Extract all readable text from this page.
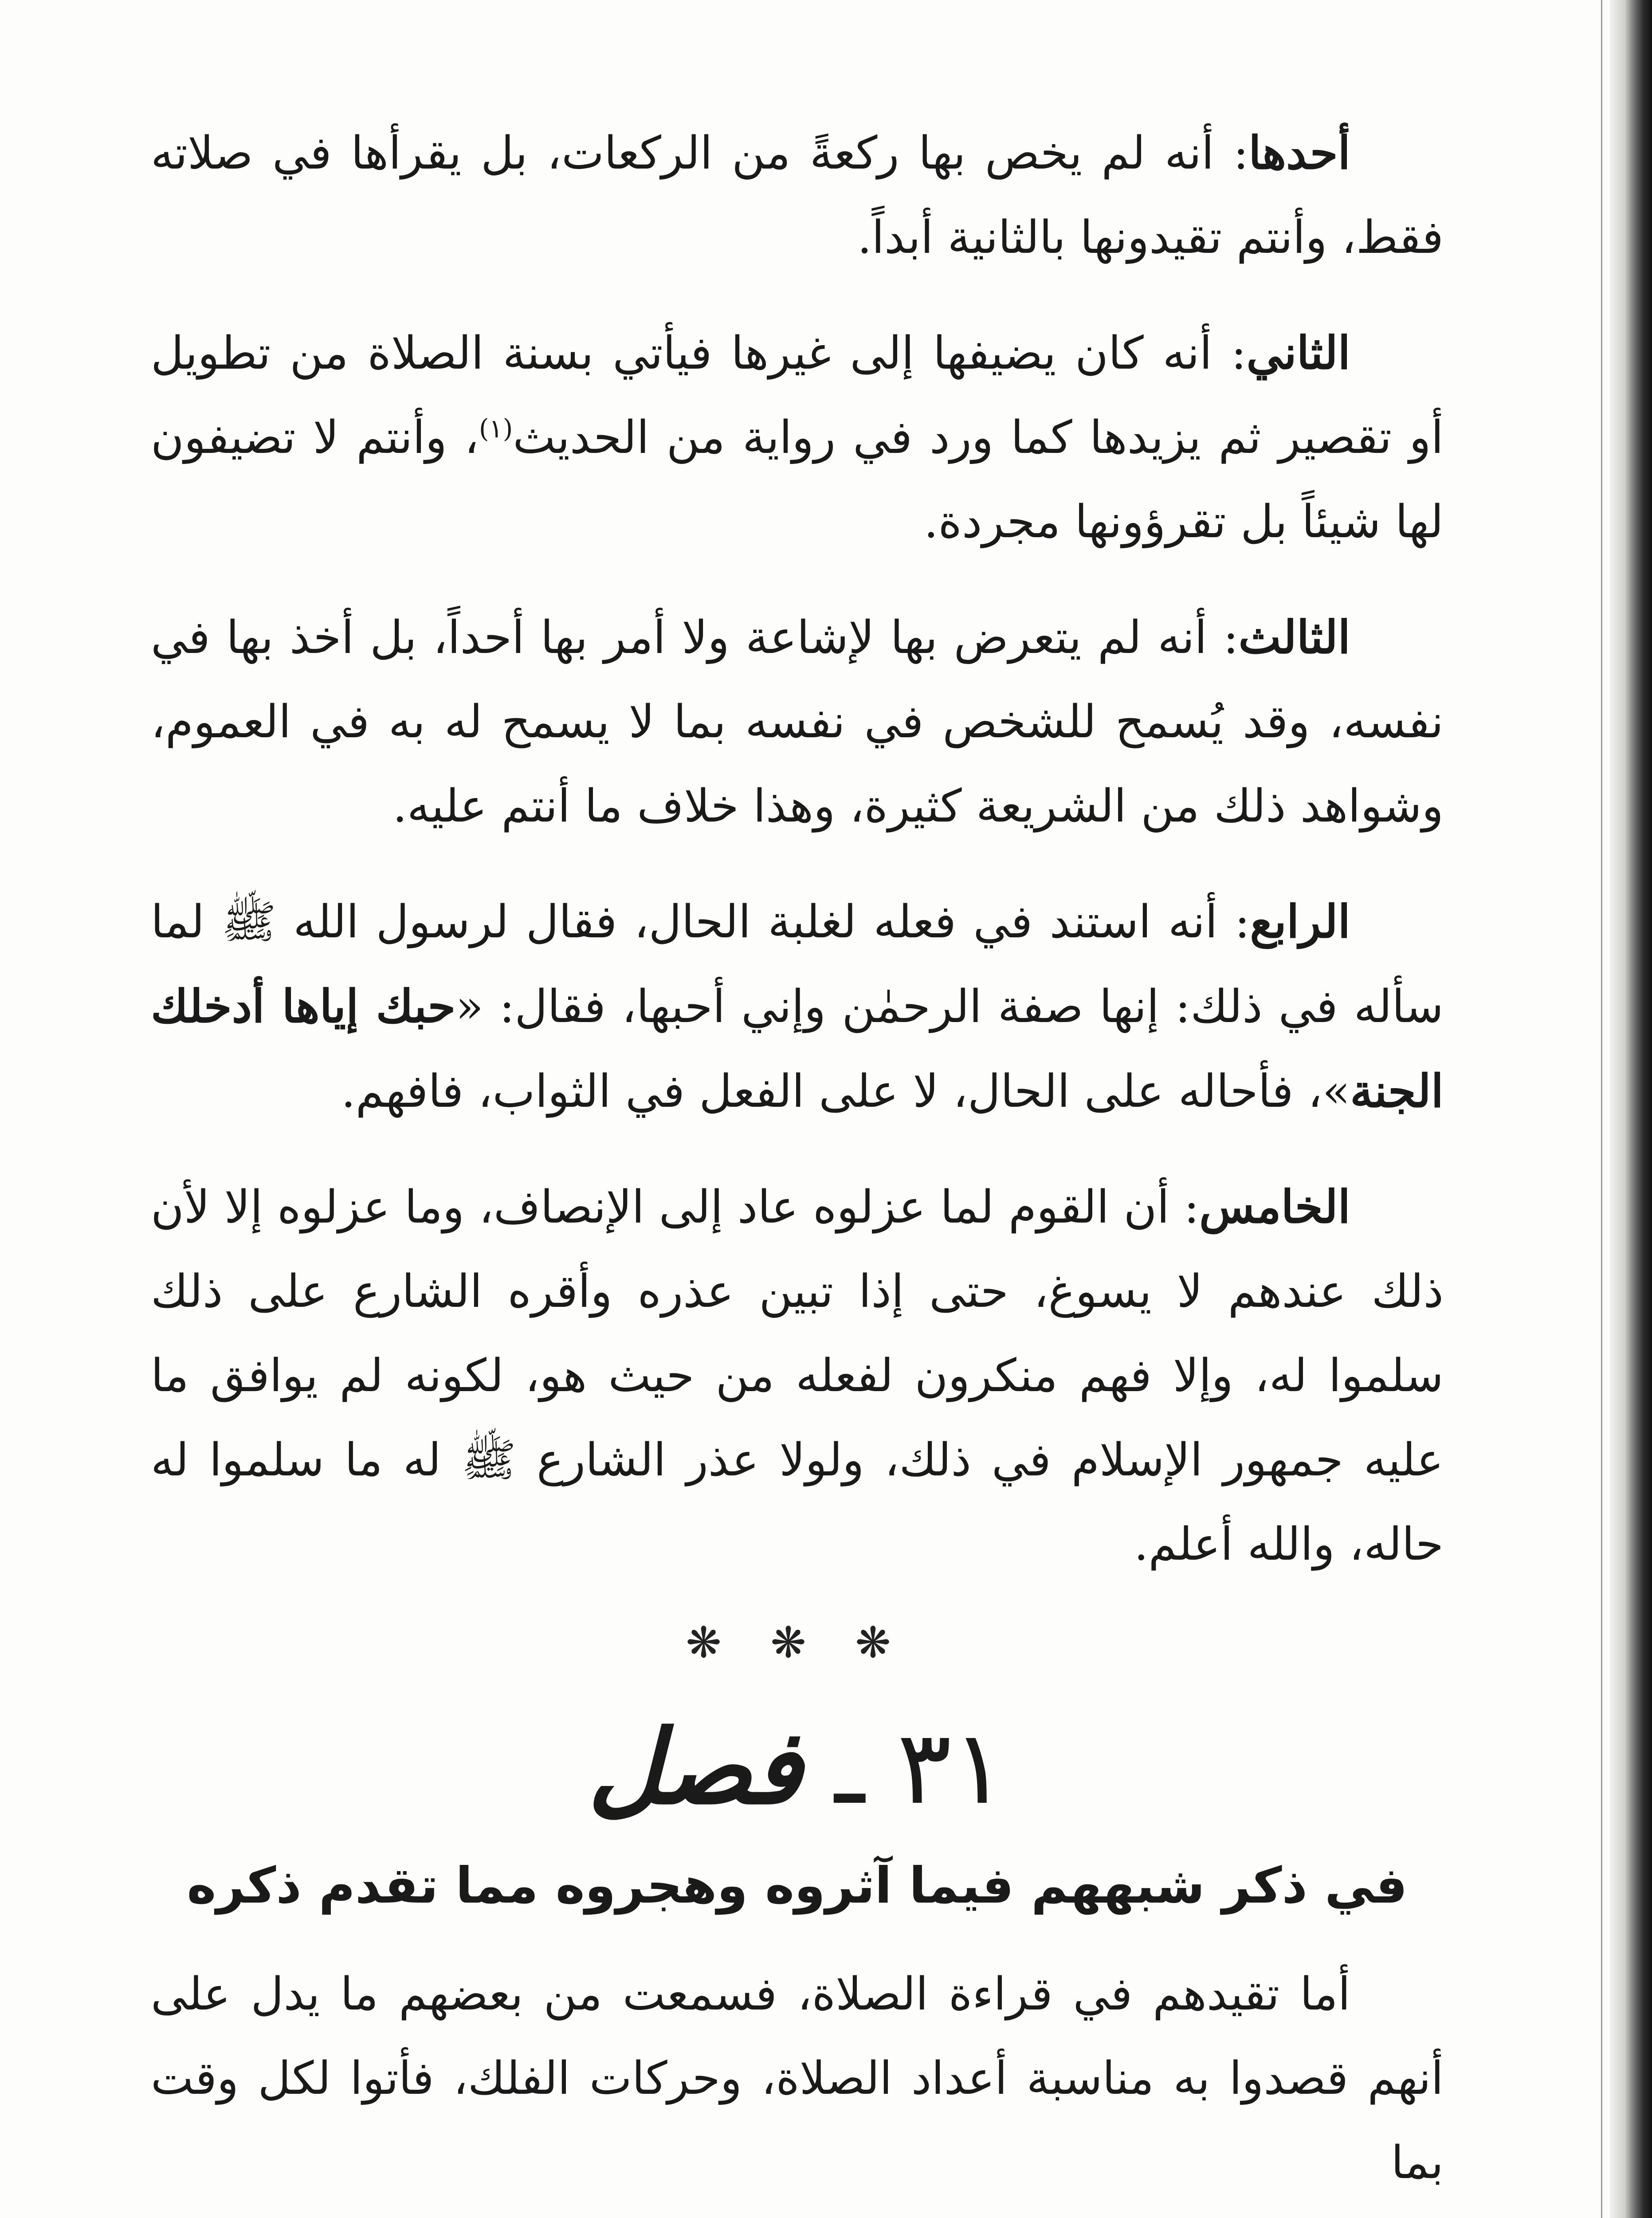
أحدها: أنه لم يخص بها ركعةً من الركعات، بل يقرأها في صلاته فقط، وأنتم تقيدونها بالثانية أبداً.

الثاني: أنه كان يضيفها إلى غيرها فيأتي بسنة الصلاة من تطويل أو تقصير ثم يزيدها كما ورد في رواية من الحديث$^{(١)}$، وأنتم لا تضيفون لها شيئاً بل تقرؤونها مجردة.

الثالث: أنه لم يتعرض بها لإشاعة ولا أمر بها أحداً، بل أخذ بها في نفسه، وقد يُسمح للشخص في نفسه بما لا يسمح له به في العموم، وشواهد ذلك من الشريعة كثيرة، وهذا خلاف ما أنتم عليه.

الرابع: أنه استند في فعله لغلبة الحال، فقال لرسول الله ﷺ لما سأله في ذلك: إنها صفة الرحمٰن وإني أحبها، فقال: «حبك إياها أدخلك الجنة»، فأحاله على الحال، لا على الفعل في الثواب، فافهم.

الخامس: أن القوم لما عزلوه عاد إلى الإنصاف، وما عزلوه إلا لأن ذلك عندهم لا يسوغ، حتى إذا تبين عذره وأقره الشارع على ذلك سلموا له، وإلا فهم منكرون لفعله من حيث هو، لكونه لم يوافق ما عليه جمهور الإسلام في ذلك، ولولا عذر الشارع ﷺ له ما سلموا له حاله، والله أعلم.

❋ ❋ ❋
٣١ ـ فصل
في ذكر شبههم فيما آثروه وهجروه مما تقدم ذكره

أما تقيدهم في قراءة الصلاة، فسمعت من بعضهم ما يدل على أنهم قصدوا به مناسبة أعداد الصلاة، وحركات الفلك، فأتوا لكل وقت بما
